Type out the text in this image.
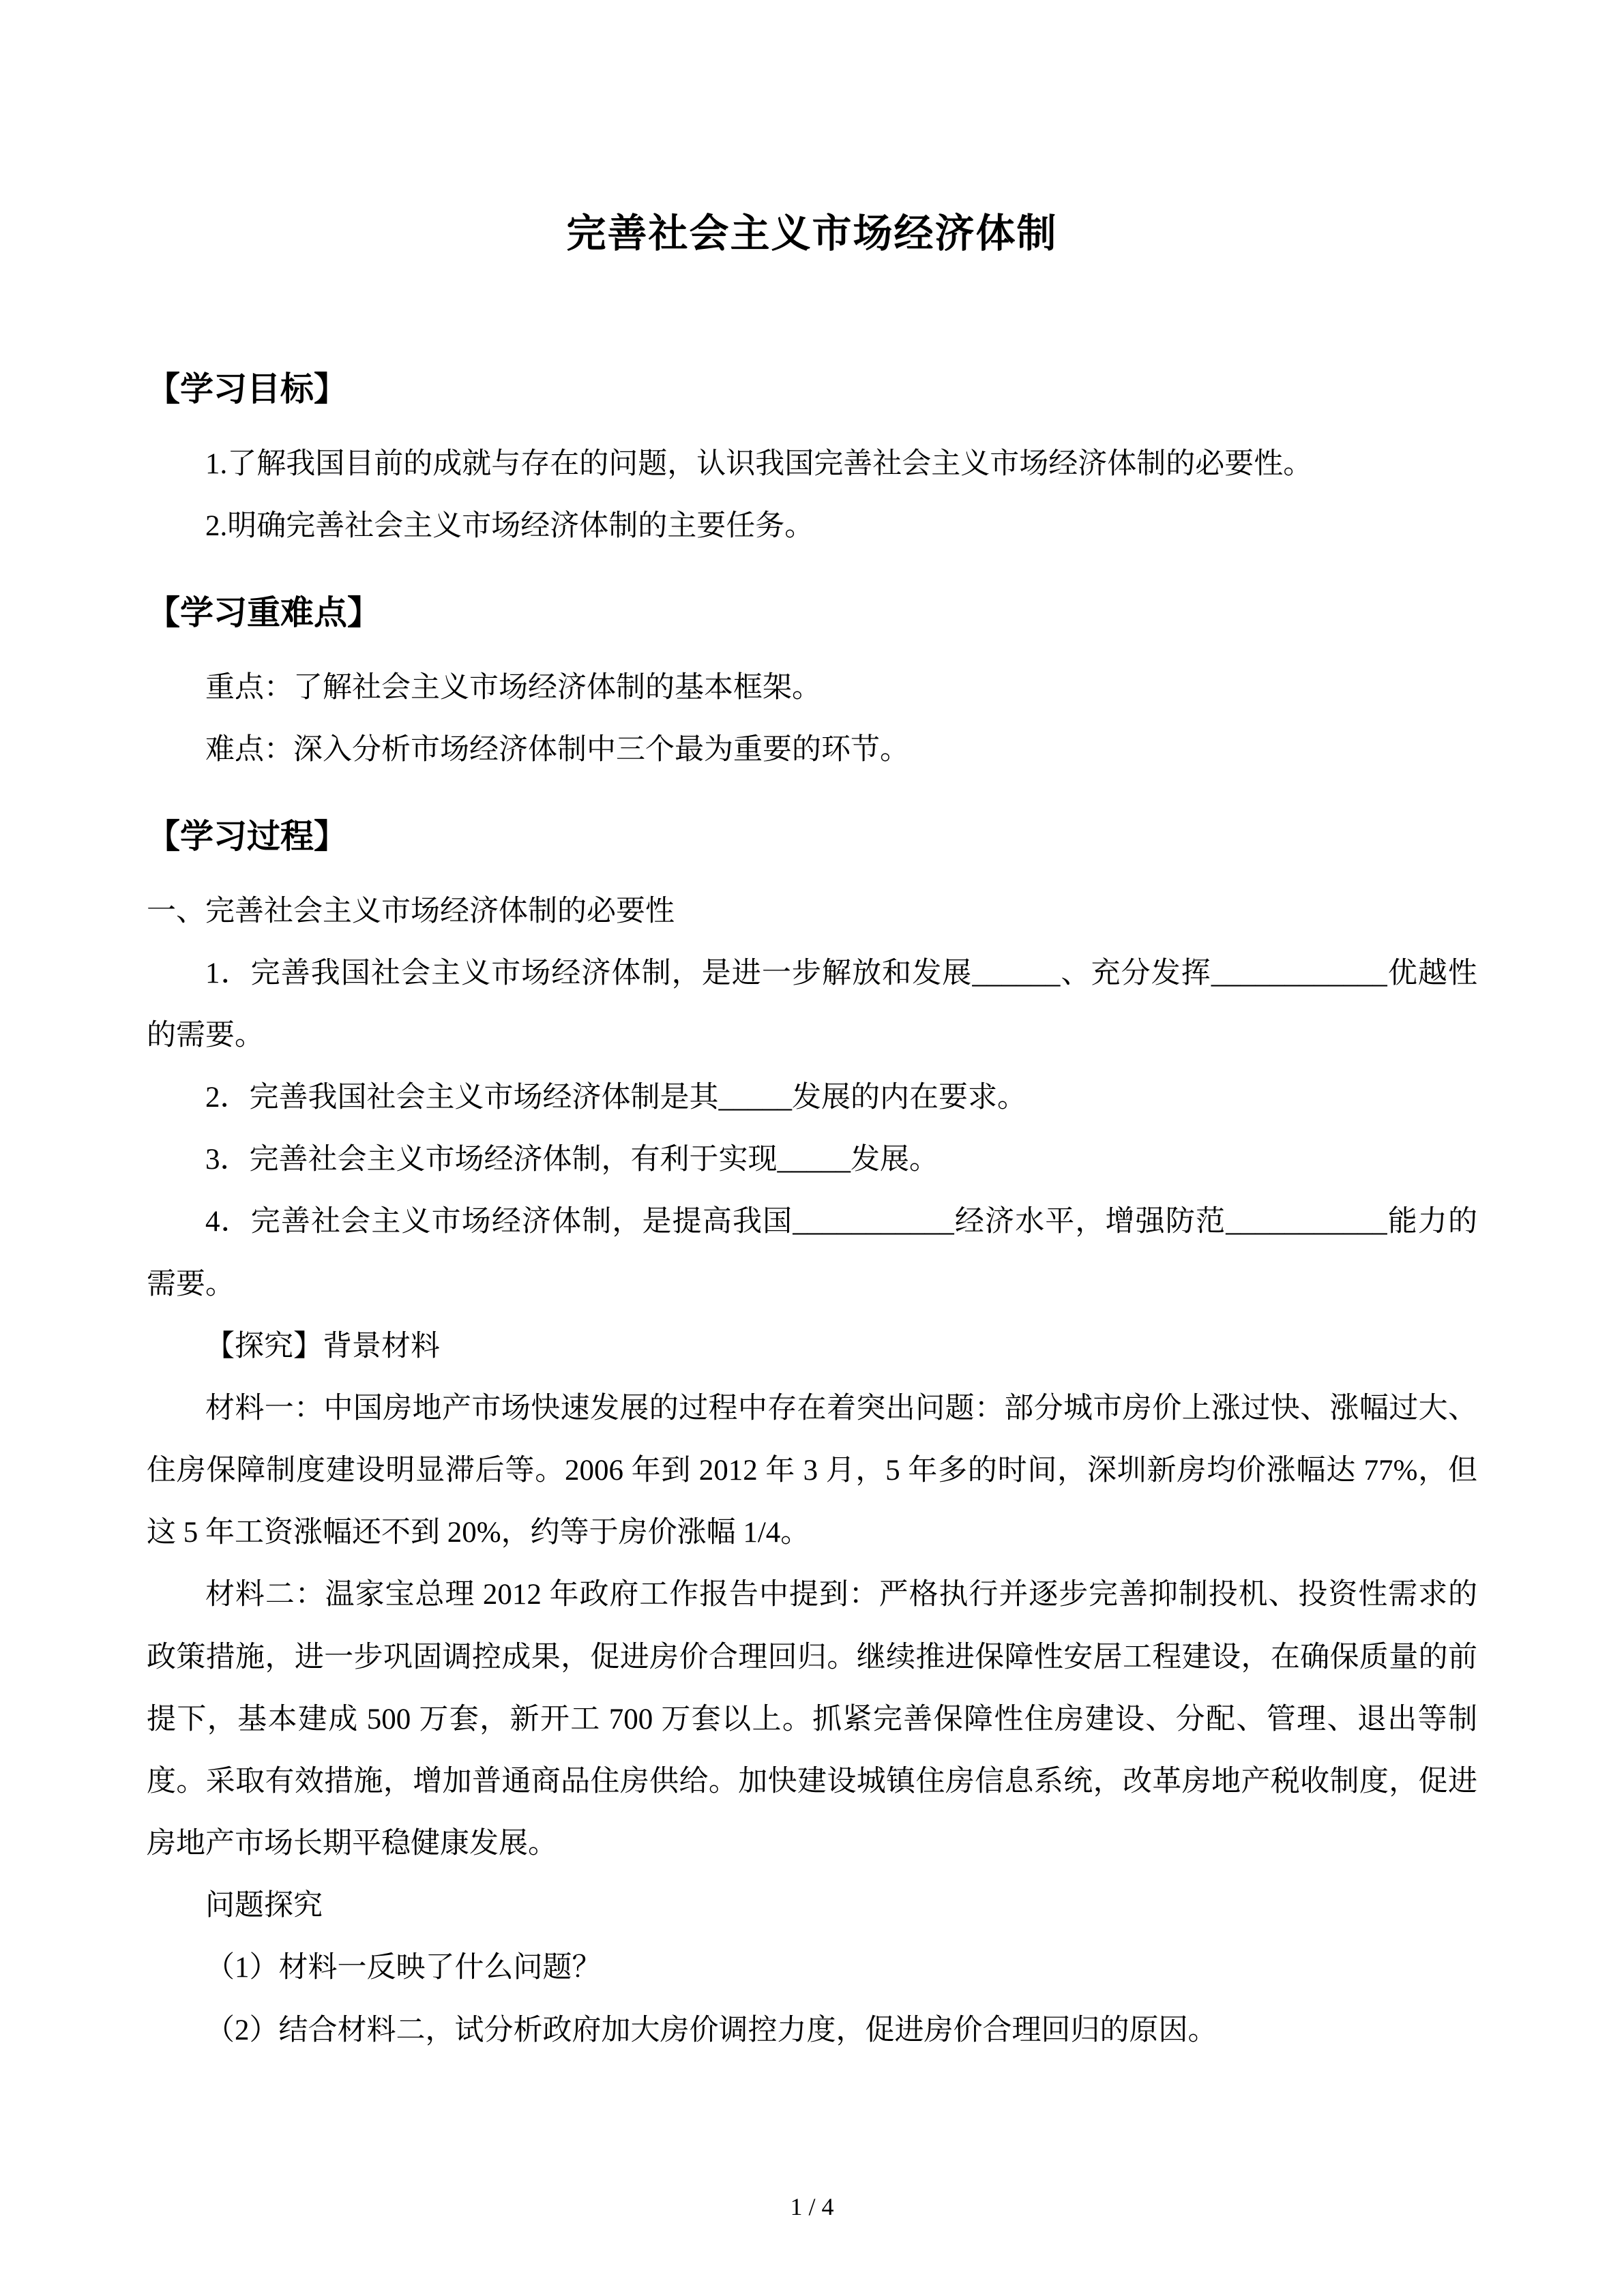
完善社会主义市场经济体制
【学习目标】

1.了解我国目前的成就与存在的问题，认识我国完善社会主义市场经济体制的必要性。

2.明确完善社会主义市场经济体制的主要任务。

【学习重难点】

重点：了解社会主义市场经济体制的基本框架。

难点：深入分析市场经济体制中三个最为重要的环节。

【学习过程】

一、完善社会主义市场经济体制的必要性

1．完善我国社会主义市场经济体制，是进一步解放和发展______、充分发挥____________优越性的需要。

2．完善我国社会主义市场经济体制是其_____发展的内在要求。

3．完善社会主义市场经济体制，有利于实现_____发展。

4．完善社会主义市场经济体制，是提高我国___________经济水平，增强防范___________能力的需要。

【探究】背景材料

材料一：中国房地产市场快速发展的过程中存在着突出问题：部分城市房价上涨过快、涨幅过大、住房保障制度建设明显滞后等。2006 年到 2012 年 3 月，5 年多的时间，深圳新房均价涨幅达 77%，但这 5 年工资涨幅还不到 20%，约等于房价涨幅 1/4。

材料二：温家宝总理 2012 年政府工作报告中提到：严格执行并逐步完善抑制投机、投资性需求的政策措施，进一步巩固调控成果，促进房价合理回归。继续推进保障性安居工程建设，在确保质量的前提下，基本建成 500 万套，新开工 700 万套以上。抓紧完善保障性住房建设、分配、管理、退出等制度。采取有效措施，增加普通商品住房供给。加快建设城镇住房信息系统，改革房地产税收制度，促进房地产市场长期平稳健康发展。

问题探究

（1）材料一反映了什么问题？

（2）结合材料二，试分析政府加大房价调控力度，促进房价合理回归的原因。

1 / 4
